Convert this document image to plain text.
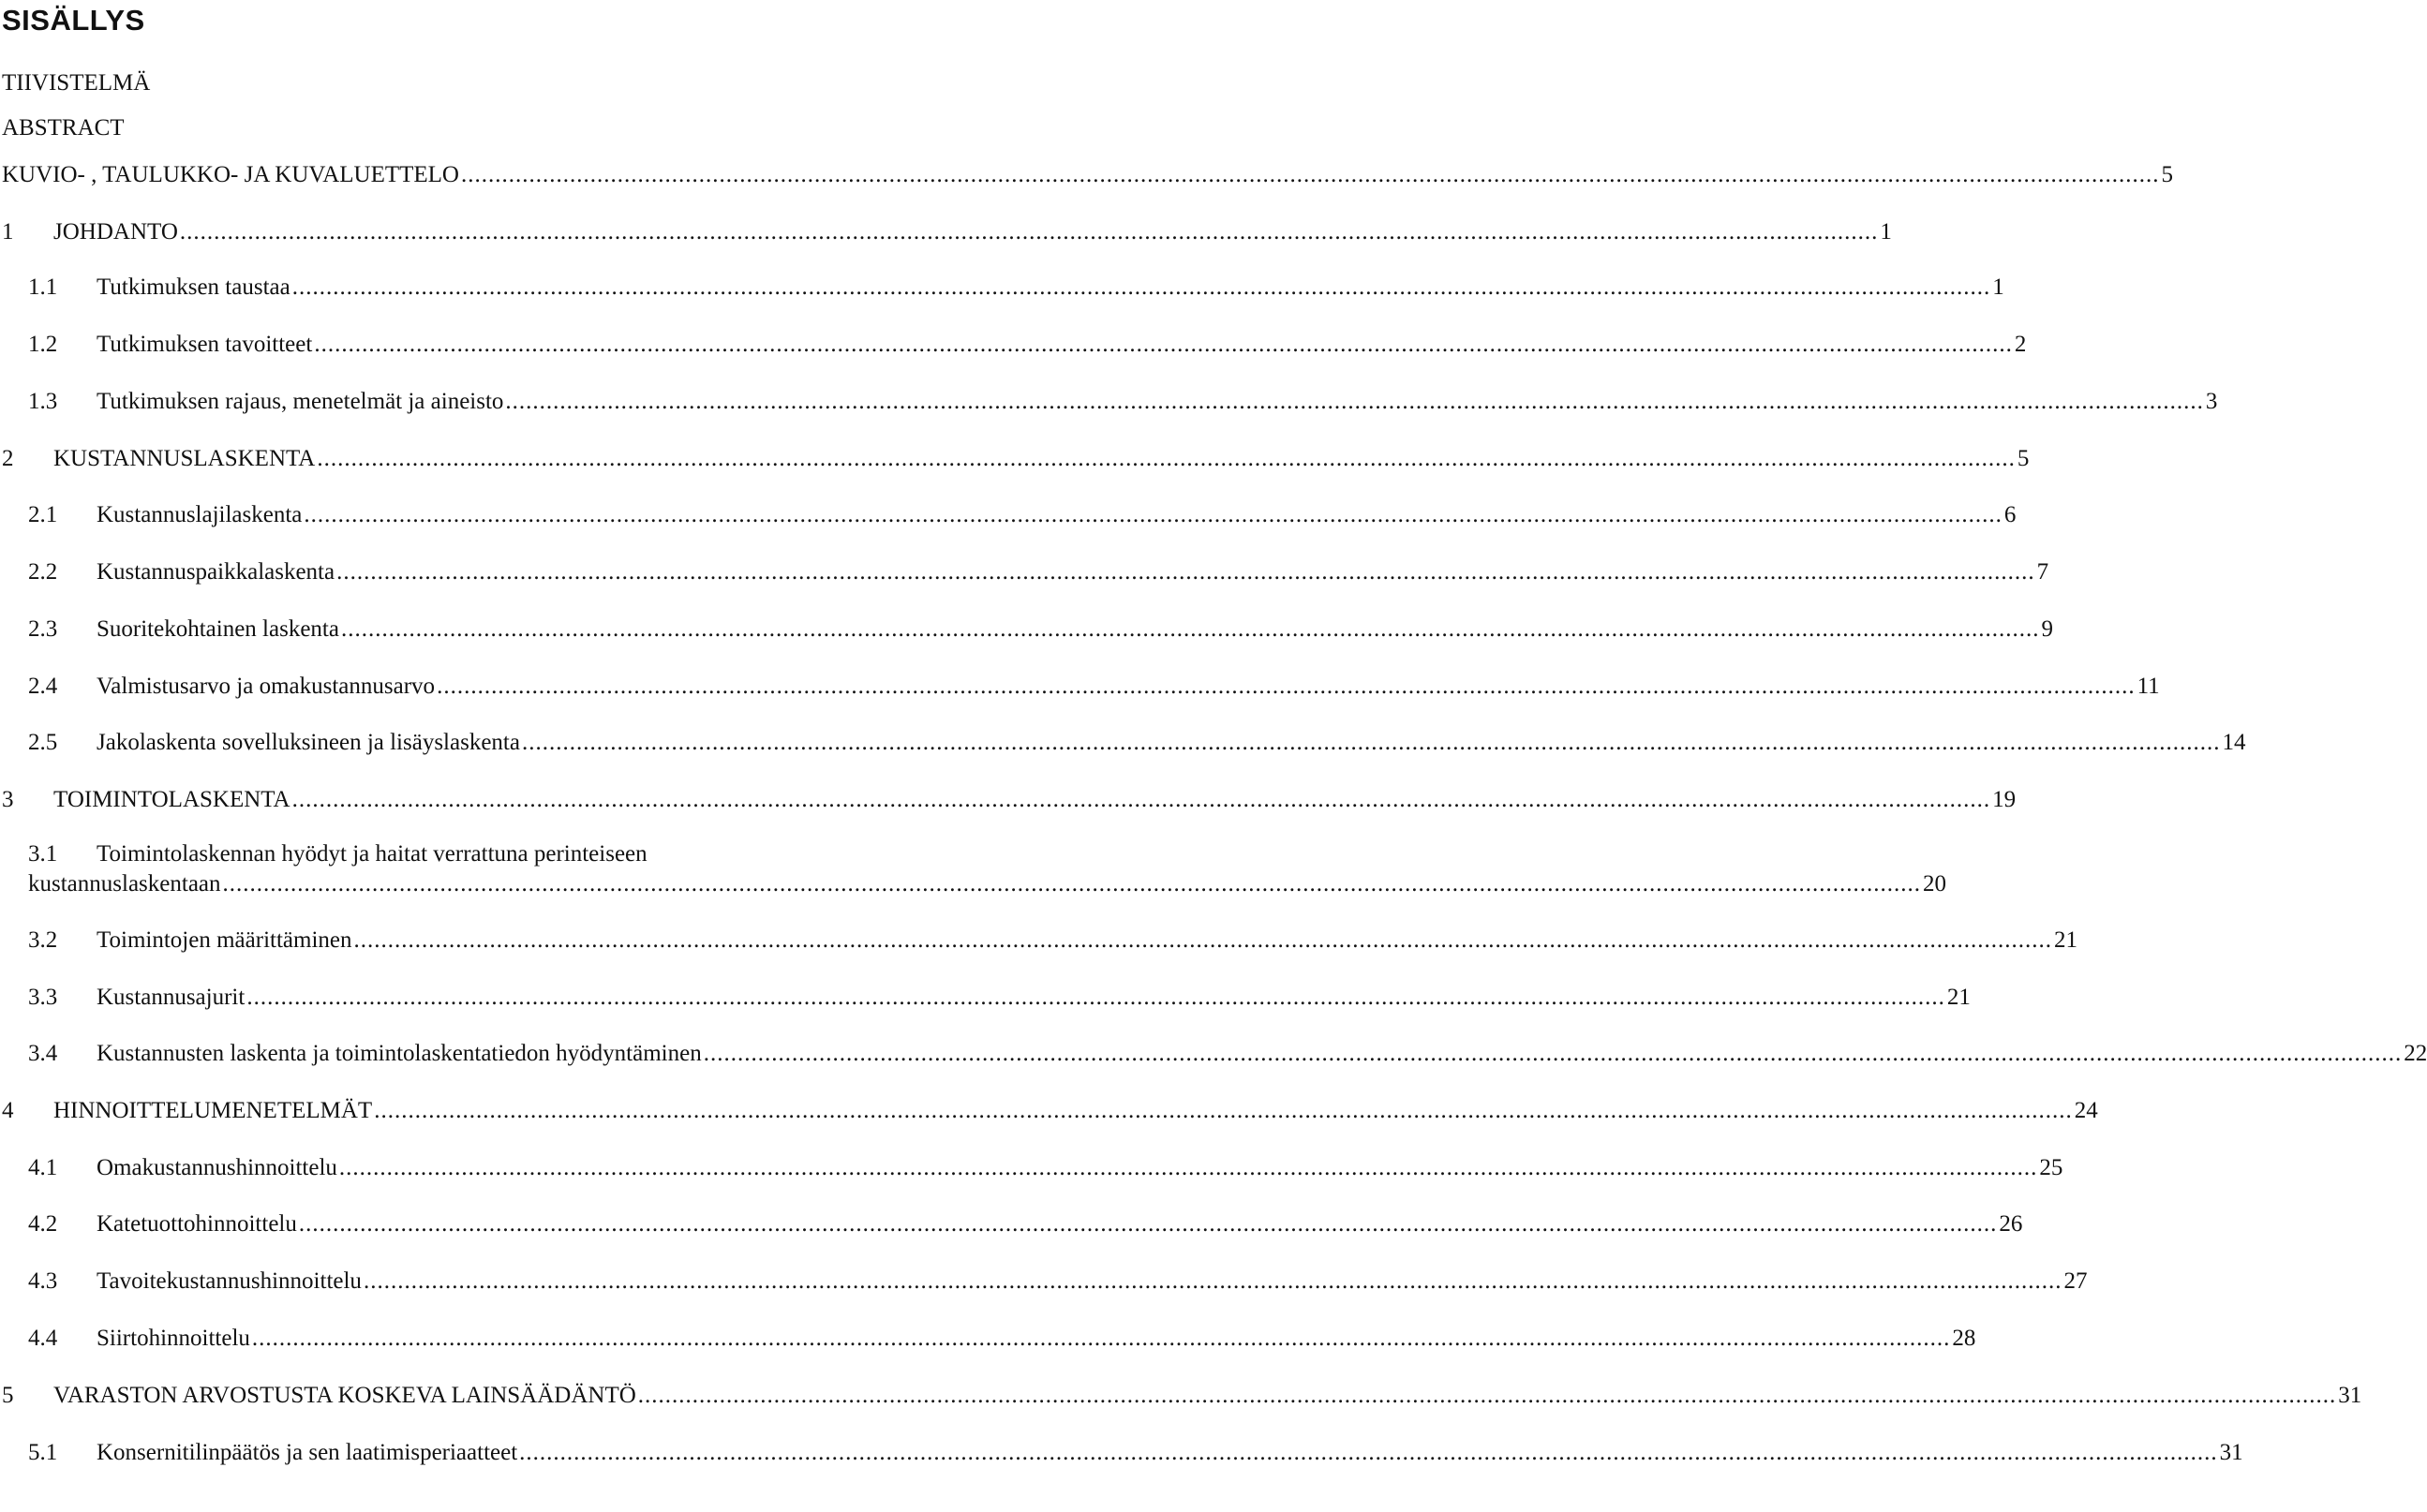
SISÄLLYS
TIIVISTELMÄ
ABSTRACT
KUVIO- , TAULUKKO- JA KUVALUETTELO .......................................................................................................................................................................................................................................................... 5
1	JOHDANTO .......................................................................................................................................................................................................................................................... 1
1.1	Tutkimuksen taustaa .......................................................................................................................................................................................................................................................... 1
1.2	Tutkimuksen tavoitteet .......................................................................................................................................................................................................................................................... 2
1.3	Tutkimuksen rajaus, menetelmät ja aineisto .......................................................................................................................................................................................................................................................... 3
2	KUSTANNUSLASKENTA .......................................................................................................................................................................................................................................................... 5
2.1	Kustannuslajilaskenta .......................................................................................................................................................................................................................................................... 6
2.2	Kustannuspaikkalaskenta .......................................................................................................................................................................................................................................................... 7
2.3	Suoritekohtainen laskenta .......................................................................................................................................................................................................................................................... 9
2.4	Valmistusarvo ja omakustannusarvo .......................................................................................................................................................................................................................................................... 11
2.5	Jakolaskenta sovelluksineen ja lisäyslaskenta .......................................................................................................................................................................................................................................................... 14
3	TOIMINTOLASKENTA .......................................................................................................................................................................................................................................................... 19
3.1	Toimintolaskennan hyödyt ja haitat verrattuna perinteiseen
kustannuslaskentaan .......................................................................................................................................................................................................................................................... 20
3.2	Toimintojen määrittäminen .......................................................................................................................................................................................................................................................... 21
3.3	Kustannusajurit .......................................................................................................................................................................................................................................................... 21
3.4	Kustannusten laskenta ja toimintolaskentatiedon hyödyntäminen .......................................................................................................................................................................................................................................................... 22
4	HINNOITTELUMENETELMÄT .......................................................................................................................................................................................................................................................... 24
4.1	Omakustannushinnoittelu .......................................................................................................................................................................................................................................................... 25
4.2	Katetuottohinnoittelu .......................................................................................................................................................................................................................................................... 26
4.3	Tavoitekustannushinnoittelu .......................................................................................................................................................................................................................................................... 27
4.4	Siirtohinnoittelu .......................................................................................................................................................................................................................................................... 28
5	VARASTON ARVOSTUSTA KOSKEVA LAINSÄÄDÄNTÖ .......................................................................................................................................................................................................................................................... 31
5.1	Konsernitilinpäätös ja sen laatimisperiaatteet .......................................................................................................................................................................................................................................................... 31
